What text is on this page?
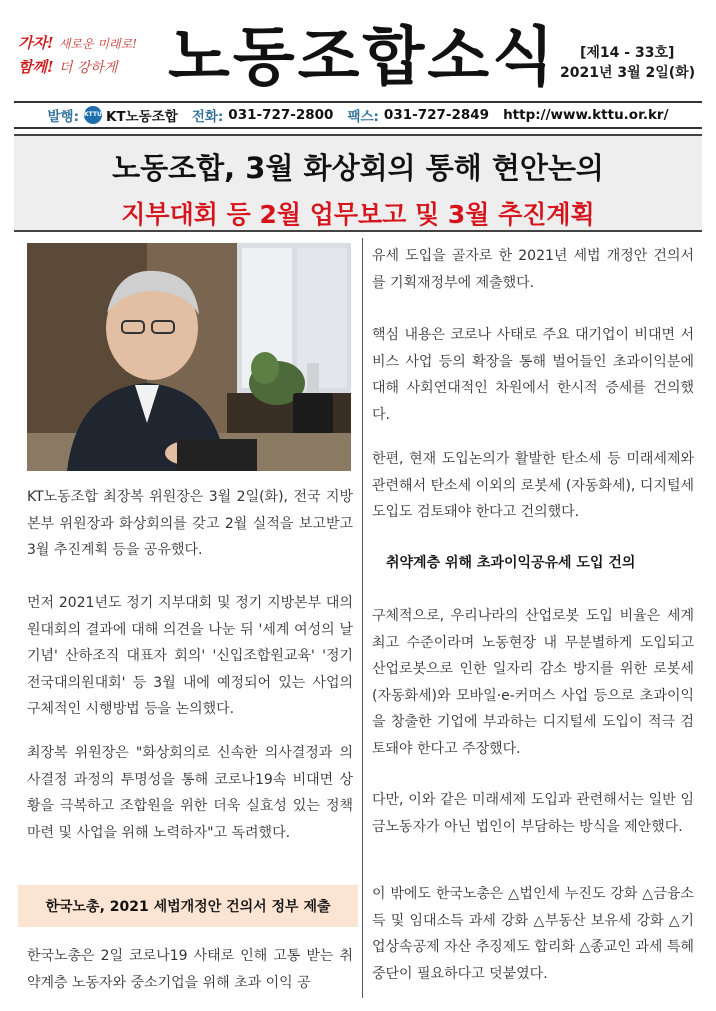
가자! 새로운 미래로!
함께! 더 강하게 노동조합소식 [제14 - 33호]
2021년 3월 2일(화)
발행: KTTU KT노동조합 전화: 031-727-2800 팩스: 031-727-2849 http://www.kttu.or.kr/
노동조합, 3월 화상회의 통해 현안논의
지부대회 등 2월 업무보고 및 3월 추진계획
KT노동조합 최장복 위원장은 3월 2일(화), 전국 지방본부 위원장과 화상회의를 갖고 2월 실적을 보고받고 3월 추진계획 등을 공유했다.
먼저 2021년도 정기 지부대회 및 정기 지방본부 대의원대회의 결과에 대해 의견을 나눈 뒤 '세계 여성의 날 기념' 산하조직 대표자 회의' '신입조합원교육' '정기 전국대의원대회' 등 3월 내에 예정되어 있는 사업의 구체적인 시행방법 등을 논의했다.
최장복 위원장은 "화상회의로 신속한 의사결정과 의사결정 과정의 투명성을 통해 코로나19속 비대면 상황을 극복하고 조합원을 위한 더욱 실효성 있는 정책 마련 및 사업을 위해 노력하자"고 독려했다.
한국노총, 2021 세법개정안 건의서 정부 제출
한국노총은 2일 코로나19 사태로 인해 고통 받는 취약계층 노동자와 중소기업을 위해 초과 이익 공
유세 도입을 골자로 한 2021년 세법 개정안 건의서를 기획재정부에 제출했다.
핵심 내용은 코로나 사태로 주요 대기업이 비대면 서비스 사업 등의 확장을 통해 벌어들인 초과이익분에 대해 사회연대적인 차원에서 한시적 증세를 건의했다.
한편, 현재 도입논의가 활발한 탄소세 등 미래세제와 관련해서 탄소세 이외의 로봇세 (자동화세), 디지털세 도입도 검토돼야 한다고 건의했다.
취약계층 위해 초과이익공유세 도입 건의
구체적으로, 우리나라의 산업로봇 도입 비율은 세계 최고 수준이라며 노동현장 내 무분별하게 도입되고 산업로봇으로 인한 일자리 감소 방지를 위한 로봇세(자동화세)와 모바일·e-커머스 사업 등으로 초과이익을 창출한 기업에 부과하는 디지털세 도입이 적극 검토돼야 한다고 주장했다.
다만, 이와 같은 미래세제 도입과 관련해서는 일반 임금노동자가 아닌 법인이 부담하는 방식을 제안했다.
이 밖에도 한국노총은 △법인세 누진도 강화 △금융소득 및 임대소득 과세 강화 △부동산 보유세 강화 △기업상속공제 자산 추징제도 합리화 △종교인 과세 특혜 중단이 필요하다고 덧붙였다.
